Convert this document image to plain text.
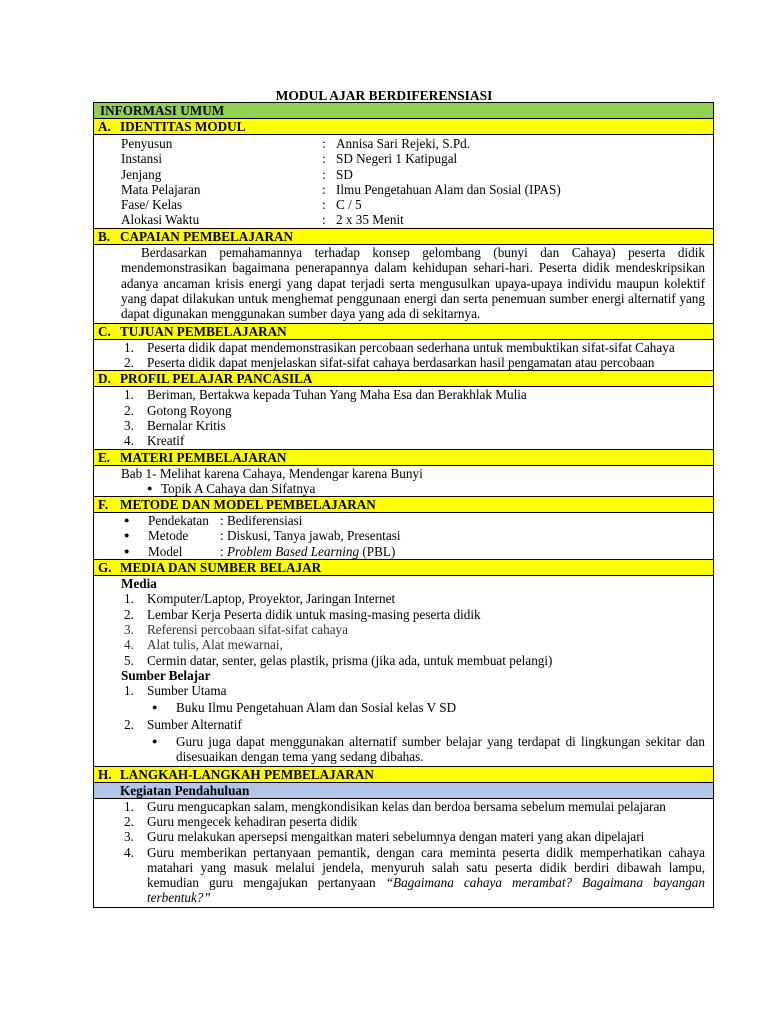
MODUL AJAR BERDIFERENSIASI
INFORMASI UMUM
A. IDENTITAS MODUL
Penyusun	: Annisa Sari Rejeki, S.Pd.
Instansi	: SD Negeri 1 Katipugal
Jenjang	: SD
Mata Pelajaran	: Ilmu Pengetahuan Alam dan Sosial (IPAS)
Fase/ Kelas	: C / 5
Alokasi Waktu	: 2 x 35 Menit
B. CAPAIAN PEMBELAJARAN
Berdasarkan pemahamannya terhadap konsep gelombang (bunyi dan Cahaya) peserta didik mendemonstrasikan bagaimana penerapannya dalam kehidupan sehari-hari. Peserta didik mendeskripsikan adanya ancaman krisis energi yang dapat terjadi serta mengusulkan upaya-upaya individu maupun kolektif yang dapat dilakukan untuk menghemat penggunaan energi dan serta penemuan sumber energi alternatif yang dapat digunakan menggunakan sumber daya yang ada di sekitarnya.
C. TUJUAN PEMBELAJARAN
1. Peserta didik dapat mendemonstrasikan percobaan sederhana untuk membuktikan sifat-sifat Cahaya
2. Peserta didik dapat menjelaskan sifat-sifat cahaya berdasarkan hasil pengamatan atau percobaan
D. PROFIL PELAJAR PANCASILA
1. Beriman, Bertakwa kepada Tuhan Yang Maha Esa dan Berakhlak Mulia
2. Gotong Royong
3. Bernalar Kritis
4. Kreatif
E. MATERI PEMBELAJARAN
Bab 1- Melihat karena Cahaya, Mendengar karena Bunyi
● Topik A Cahaya dan Sifatnya
F. METODE DAN MODEL PEMBELAJARAN
● Pendekatan : Bediferensiasi
● Metode : Diskusi, Tanya jawab, Presentasi
● Model	: Problem Based Learning (PBL)
G. MEDIA DAN SUMBER BELAJAR
Media
1. Komputer/Laptop, Proyektor, Jaringan Internet
2. Lembar Kerja Peserta didik untuk masing-masing peserta didik
3. Referensi percobaan sifat-sifat cahaya
4. Alat tulis, Alat mewarnai,
5. Cermin datar, senter, gelas plastik, prisma (jika ada, untuk membuat pelangi)
Sumber Belajar
1. Sumber Utama
● Buku Ilmu Pengetahuan Alam dan Sosial kelas V SD
2. Sumber Alternatif
● Guru juga dapat menggunakan alternatif sumber belajar yang terdapat di lingkungan sekitar dan disesuaikan dengan tema yang sedang dibahas.
H. LANGKAH-LANGKAH PEMBELAJARAN
Kegiatan Pendahuluan
1. Guru mengucapkan salam, mengkondisikan kelas dan berdoa bersama sebelum memulai pelajaran
2. Guru mengecek kehadiran peserta didik
3. Guru melakukan apersepsi mengaitkan materi sebelumnya dengan materi yang akan dipelajari
4. Guru memberikan pertanyaan pemantik, dengan cara meminta peserta didik memperhatikan cahaya matahari yang masuk melalui jendela, menyuruh salah satu peserta didik berdiri dibawah lampu, kemudian guru mengajukan pertanyaan “Bagaimana cahaya merambat? Bagaimana bayangan terbentuk?”
